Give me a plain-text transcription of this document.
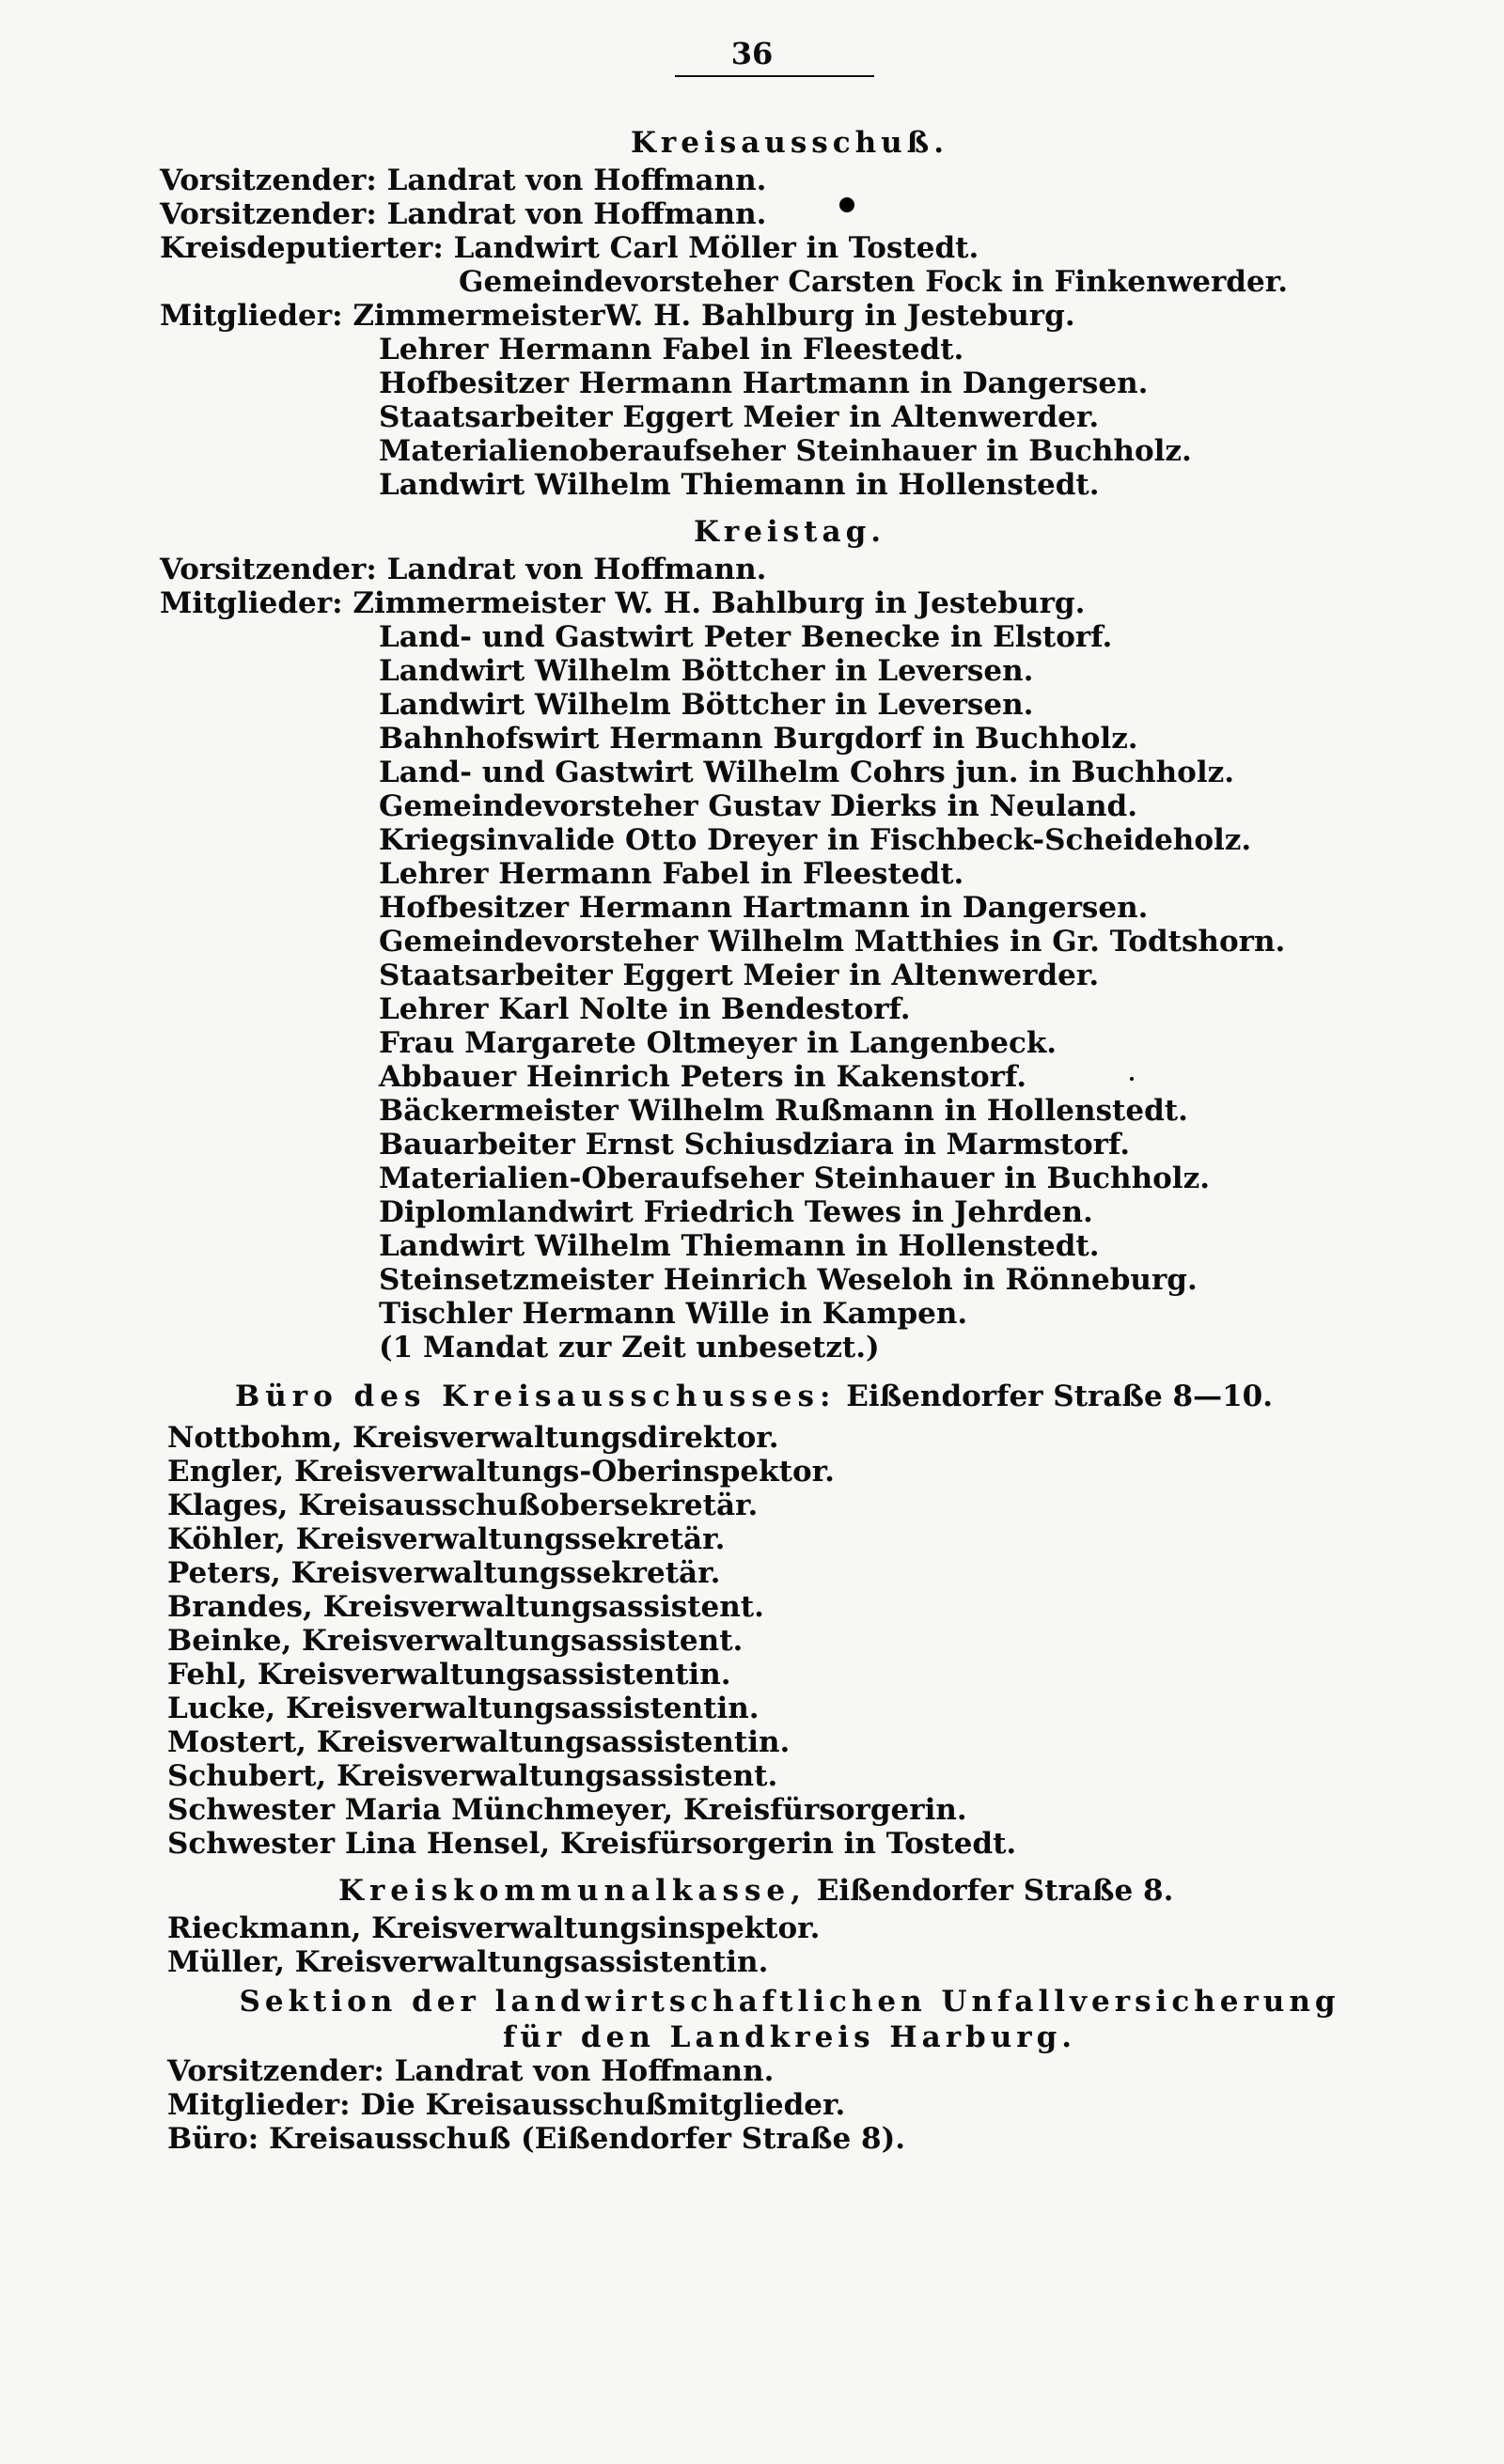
36
Kreisausschuß.
Vorsitzender:
Landrat von Hoffmann.
Vorsitzender:
Landrat von Hoffmann.
Kreisdeputierter:
Landwirt Carl Möller in Tostedt.
Gemeindevorsteher Carsten Fock in Finkenwerder.
Mitglieder:
ZimmermeisterW. H. Bahlburg in Jesteburg.
Lehrer Hermann Fabel in Fleestedt.
Hofbesitzer Hermann Hartmann in Dangersen.
Staatsarbeiter Eggert Meier in Altenwerder.
Materialienoberaufseher Steinhauer in Buchholz.
Landwirt Wilhelm Thiemann in Hollenstedt.
Kreistag.
Vorsitzender:
Landrat von Hoffmann.
Mitglieder:
Zimmermeister W. H. Bahlburg in Jesteburg.
Land- und Gastwirt Peter Benecke in Elstorf.
Landwirt Wilhelm Böttcher in Leversen.
Landwirt Wilhelm Böttcher in Leversen.
Bahnhofswirt Hermann Burgdorf in Buchholz.
Land- und Gastwirt Wilhelm Cohrs jun. in Buchholz.
Gemeindevorsteher Gustav Dierks in Neuland.
Kriegsinvalide Otto Dreyer in Fischbeck-Scheideholz.
Lehrer Hermann Fabel in Fleestedt.
Hofbesitzer Hermann Hartmann in Dangersen.
Gemeindevorsteher Wilhelm Matthies in Gr. Todtshorn.
Staatsarbeiter Eggert Meier in Altenwerder.
Lehrer Karl Nolte in Bendestorf.
Frau Margarete Oltmeyer in Langenbeck.
Abbauer Heinrich Peters in Kakenstorf.
Bäckermeister Wilhelm Rußmann in Hollenstedt.
Bauarbeiter Ernst Schiusdziara in Marmstorf.
Materialien-Oberaufseher Steinhauer in Buchholz.
Diplomlandwirt Friedrich Tewes in Jehrden.
Landwirt Wilhelm Thiemann in Hollenstedt.
Steinsetzmeister Heinrich Weseloh in Rönneburg.
Tischler Hermann Wille in Kampen.
(1 Mandat zur Zeit unbesetzt.)
Büro des Kreisausschusses: Eißendorfer Straße 8—10.
Nottbohm, Kreisverwaltungsdirektor.
Engler, Kreisverwaltungs-Oberinspektor.
Klages, Kreisausschußobersekretär.
Köhler, Kreisverwaltungssekretär.
Peters, Kreisverwaltungssekretär.
Brandes, Kreisverwaltungsassistent.
Beinke, Kreisverwaltungsassistent.
Fehl, Kreisverwaltungsassistentin.
Lucke, Kreisverwaltungsassistentin.
Mostert, Kreisverwaltungsassistentin.
Schubert, Kreisverwaltungsassistent.
Schwester Maria Münchmeyer, Kreisfürsorgerin.
Schwester Lina Hensel, Kreisfürsorgerin in Tostedt.
Kreiskommunalkasse, Eißendorfer Straße 8.
Rieckmann, Kreisverwaltungsinspektor.
Müller, Kreisverwaltungsassistentin.
Sektion der landwirtschaftlichen Unfallversicherung
für den Landkreis Harburg.
Vorsitzender: Landrat von Hoffmann.
Mitglieder: Die Kreisausschußmitglieder.
Büro: Kreisausschuß (Eißendorfer Straße 8).
